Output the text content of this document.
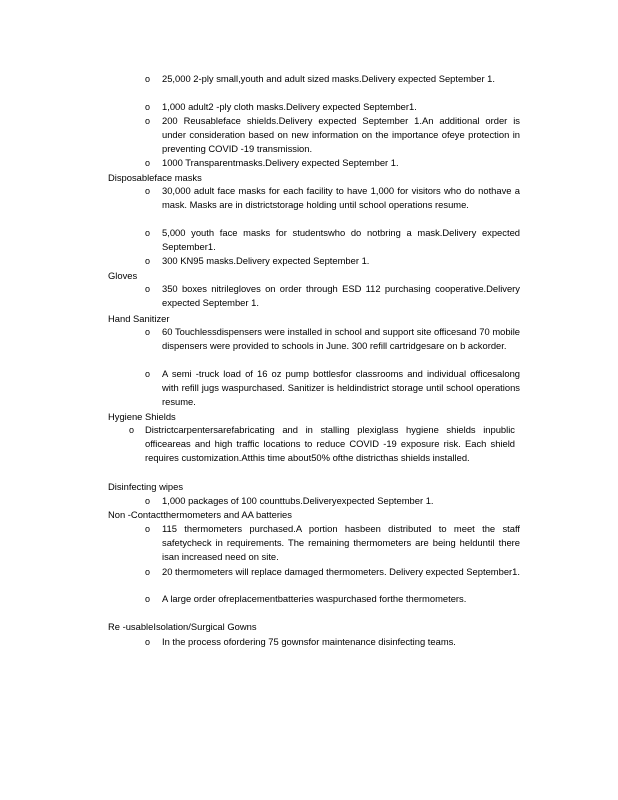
o 25,000 2-ply small,youth and adult sized masks.Delivery expected September 1.
o 1,000 adult2 -ply cloth masks.Delivery expected September1.
o 200 Reusableface shields.Delivery expected September 1.An additional order is under consideration based on new information on the importance ofeye protection in preventing COVID -19 transmission.
o 1000 Transparentmasks.Delivery expected September 1.
Disposableface masks
o 30,000 adult face masks for each facility to have 1,000 for visitors who do nothave a mask. Masks are in districtstorage holding until school operations resume.
o 5,000 youth face masks for studentswho do notbring a mask.Delivery expected September1.
o 300 KN95 masks.Delivery expected September 1.
Gloves
o 350 boxes nitrilegloves on order through ESD 112 purchasing cooperative.Delivery expected September 1.
Hand Sanitizer
o 60 Touchlessdispensers were installed in school and support site officesand 70 mobile dispensers were provided to schools in June. 300 refill cartridgesare on b ackorder.
o A semi -truck load of 16 oz pump bottlesfor classrooms and individual officesalong with refill jugs waspurchased. Sanitizer is heldindistrict storage until school operations resume.
Hygiene Shields
o Districtcarpentersarefabricating and in stalling plexiglass hygiene shields inpublic officeareas and high traffic locations to reduce COVID -19 exposure risk. Each shield requires customization.Atthis time about50% ofthe districthas shields installed.
Disinfecting wipes
o 1,000 packages of 100 counttubs.Deliveryexpected September 1.
Non -Contactthermometers and AA batteries
o 115 thermometers purchased.A portion hasbeen distributed to meet the staff safetycheck in requirements. The remaining thermometers are being helduntil there isan increased need on site.
o 20 thermometers will replace damaged thermometers. Delivery expected September1.
o A large order ofreplacementbatteries waspurchased forthe thermometers.
Re -usableIsolation/Surgical Gowns
o In the process ofordering 75 gownsfor maintenance disinfecting teams.
